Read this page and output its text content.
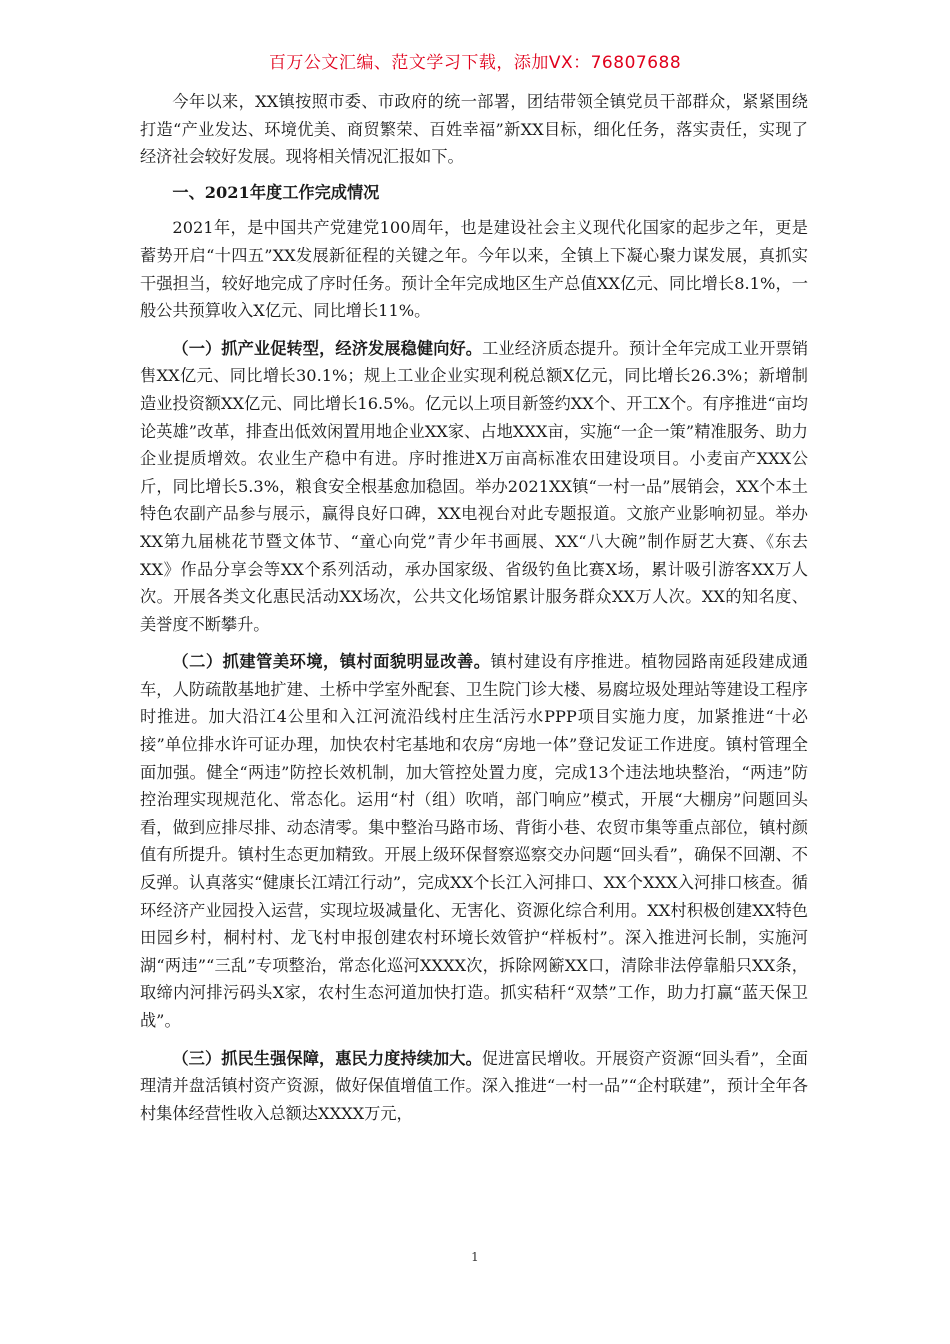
百万公文汇编、范文学习下载，添加VX：76807688

今年以来，XX镇按照市委、市政府的统一部署，团结带领全镇党员干部群众，紧紧围绕打造“产业发达、环境优美、商贸繁荣、百姓幸福”新XX目标，细化任务，落实责任，实现了经济社会较好发展。现将相关情况汇报如下。

一、2021年度工作完成情况

2021年，是中国共产党建党100周年，也是建设社会主义现代化国家的起步之年，更是蓄势开启“十四五”XX发展新征程的关键之年。今年以来，全镇上下凝心聚力谋发展，真抓实干强担当，较好地完成了序时任务。预计全年完成地区生产总值XX亿元、同比增长8.1%，一般公共预算收入X亿元、同比增长11%。

（一）抓产业促转型，经济发展稳健向好。工业经济质态提升。预计全年完成工业开票销售XX亿元、同比增长30.1%；规上工业企业实现利税总额X亿元，同比增长26.3%；新增制造业投资额XX亿元、同比增长16.5%。亿元以上项目新签约XX个、开工X个。有序推进“亩均论英雄”改革，排查出低效闲置用地企业XX家、占地XXX亩，实施“一企一策”精准服务、助力企业提质增效。农业生产稳中有进。序时推进X万亩高标准农田建设项目。小麦亩产XXX公斤，同比增长5.3%，粮食安全根基愈加稳固。举办2021XX镇“一村一品”展销会，XX个本土特色农副产品参与展示，赢得良好口碑，XX电视台对此专题报道。文旅产业影响初显。举办XX第九届桃花节暨文体节、“童心向党”青少年书画展、XX“八大碗”制作厨艺大赛、《东去XX》作品分享会等XX个系列活动，承办国家级、省级钓鱼比赛X场，累计吸引游客XX万人次。开展各类文化惠民活动XX场次，公共文化场馆累计服务群众XX万人次。XX的知名度、美誉度不断攀升。

（二）抓建管美环境，镇村面貌明显改善。镇村建设有序推进。植物园路南延段建成通车，人防疏散基地扩建、土桥中学室外配套、卫生院门诊大楼、易腐垃圾处理站等建设工程序时推进。加大沿江4公里和入江河流沿线村庄生活污水PPP项目实施力度，加紧推进“十必接”单位排水许可证办理，加快农村宅基地和农房“房地一体”登记发证工作进度。镇村管理全面加强。健全“两违”防控长效机制，加大管控处置力度，完成13个违法地块整治，“两违”防控治理实现规范化、常态化。运用“村（组）吹哨，部门响应”模式，开展“大棚房”问题回头看，做到应排尽排、动态清零。集中整治马路市场、背街小巷、农贸市集等重点部位，镇村颜值有所提升。镇村生态更加精致。开展上级环保督察巡察交办问题“回头看”，确保不回潮、不反弹。认真落实“健康长江靖江行动”，完成XX个长江入河排口、XX个XXX入河排口核查。循环经济产业园投入运营，实现垃圾减量化、无害化、资源化综合利用。XX村积极创建XX特色田园乡村，桐村村、龙飞村申报创建农村环境长效管护“样板村”。深入推进河长制，实施河湖“两违”“三乱”专项整治，常态化巡河XXXX次，拆除网簖XX口，清除非法停靠船只XX条，取缔内河排污码头X家，农村生态河道加快打造。抓实秸秆“双禁”工作，助力打赢“蓝天保卫战”。

（三）抓民生强保障，惠民力度持续加大。促进富民增收。开展资产资源“回头看”，全面理清并盘活镇村资产资源，做好保值增值工作。深入推进“一村一品”“企村联建”，预计全年各村集体经营性收入总额达XXXX万元，

1
